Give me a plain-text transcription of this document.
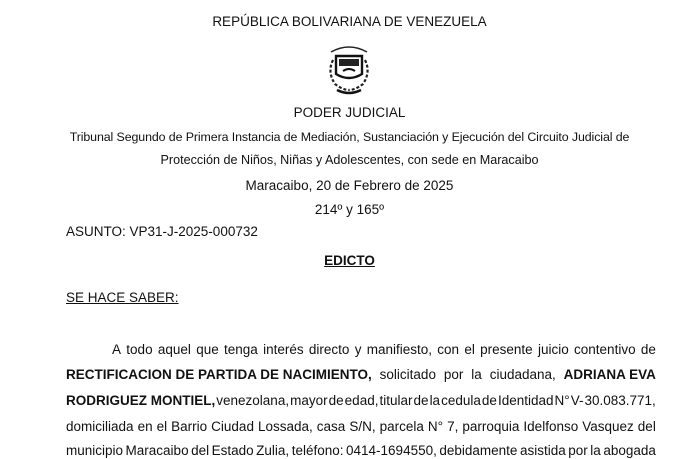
REPÚBLICA BOLIVARIANA DE VENEZUELA
PODER JUDICIAL
Tribunal Segundo de Primera Instancia de Mediación, Sustanciación y Ejecución del Circuito Judicial de
Protección de Niños, Niñas y Adolescentes, con sede en Maracaibo
Maracaibo, 20 de Febrero de 2025
214º y 165º
ASUNTO: VP31-J-2025-000732
EDICTO
SE HACE SABER:
A todo aquel que tenga interés directo y manifiesto, con el presente juicio contentivo de
RECTIFICACION DE PARTIDA DE NACIMIENTO, solicitado por la ciudadana, ADRIANA EVA
RODRIGUEZ MONTIEL, venezolana, mayor de edad, titular de la cedula de Identidad N° V- 30.083.771,
domiciliada en el Barrio Ciudad Lossada, casa S/N, parcela N° 7, parroquia Idelfonso Vasquez del
municipio Maracaibo del Estado Zulia, teléfono: 0414-1694550, debidamente asistida por la abogada
